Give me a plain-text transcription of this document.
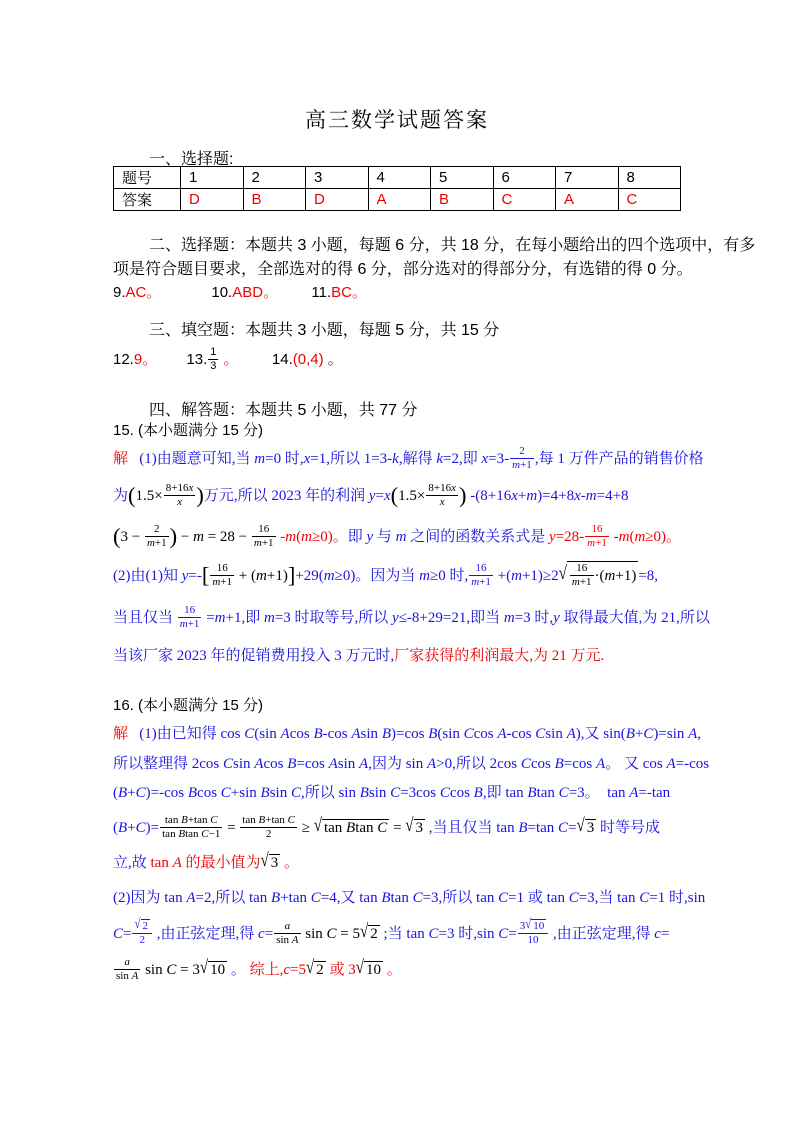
高三数学试题答案
一、选择题:
题号	1	2	3	4	5	6	7	8
答案	D	B	D	A	B	C	A	C
二、选择题：本题共 3 小题，每题 6 分，共 18 分，在每小题给出的四个选项中，有多
项是符合题目要求，全部选对的得 6 分，部分选对的得部分分，有选错的得 0 分。
9.AC。	10.ABD。 11.BC。
三、填空题：本题共 3 小题，每题 5 分，共 15 分
12.9。 13. $\frac{1}{3}$ 。 14.(0,4) 。
四、解答题：本题共 5 小题，共 77 分
15. (本小题满分 15 分)
解   (1)由题意可知,当 m=0 时,x=1,所以 1=3-k,解得 k=2,即 $x=3- \frac{2}{m+1}$ ,每 1 万件产品的销售价格
为($1.5\times \frac{8+16x}{x}$ )万元,所以 2023 年的利润 $y=x(1.5\times \frac{8+16x}{x}$ ) -(8+16x+m)=4+8x-m=4+8
($3 - \frac{2}{m+1}$ ) − $m = 28 - \frac{16}{m+1} -m(m\ge 0)$。即 y 与 m 之间的函数关系式是 $y=28- \frac{16}{m+1} -m(m\ge 0)$。
(2)由(1)知 $y=-[ \frac{16}{m+1} + (m+1)]+29(m\ge 0)$。因为当 m≥0 时, $\frac{16}{m+1} +(m+1)\ge 2√ \frac{16}{m+1} \cdot(m+1) =8$,
当且仅当 $\frac{16}{m+1} =m+1$,即 m=3 时取等号,所以 y≤-8+29=21,即当 m=3 时,y 取得最大值,为 21,所以
当该厂家 2023 年的促销费用投入 3 万元时,厂家获得的利润最大,为 21 万元.
16. (本小题满分 15 分)
解   (1)由已知得 cos C(sin Acos B-cos Asin B)=cos B(sin Ccos A-cos Csin A),又 sin(B+C)=sin A,
所以整理得 2cos Csin Acos B=cos Asin A,因为 sin A>0,所以 2cos Ccos B=cos A。 又 cos A=-cos
(B+C)=-cos Bcos C+sin Bsin C,所以 sin Bsin C=3cos Ccos B,即 tan Btan C=3。  tan A=-tan
$(B+C)= \frac{\text{tan B+tan C}}{\text{tan Btan C−1}} = \frac{\text{tan B+tan C}}{2}$ ≥ √ tan Btan C = √ 3 ,当且仅当 tan B=tan C=√ 3 时等号成
立,故 tan A 的最小值为√ 3 。
(2)因为 tan A=2,所以 tan B+tan C=4,又 tan Btan C=3,所以 tan C=1 或 tan C=3,当 tan C=1 时,sin
$C= \frac{√ 2}{2}$ ,由正弦定理,得 $c= \frac{a}{\text{sin A}}$ sin C = 5√ 2 ;当 tan C=3 时,sin $C= \frac{3√ 10}{10}$ ,由正弦定理,得 c=
$\frac{a}{\text{sin A}}$ sin C = 3√ 10 。 综上,c=5√ 2 或 3√ 10 。
